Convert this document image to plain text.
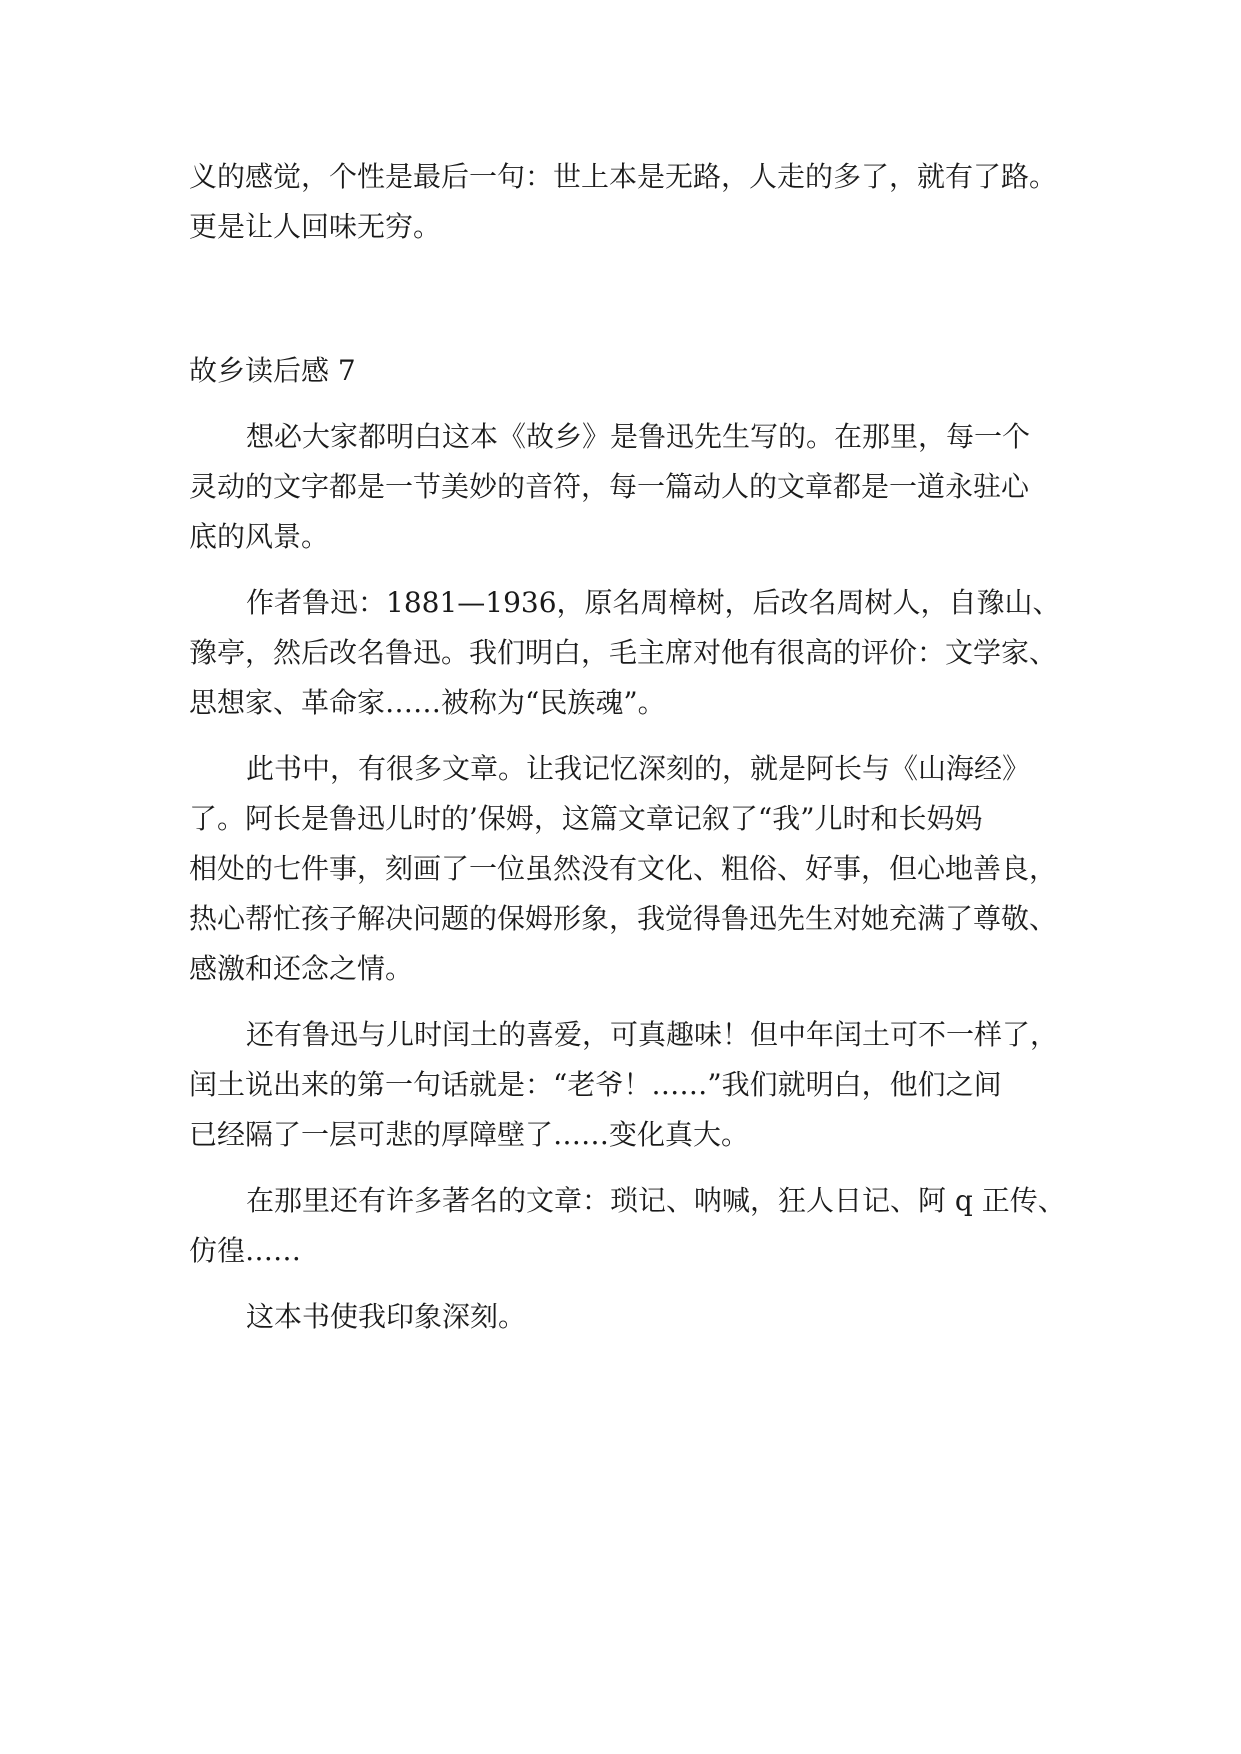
义的感觉，个性是最后一句：世上本是无路，人走的多了，就有了路。
更是让人回味无穷。
故乡读后感 7
想必大家都明白这本《故乡》是鲁迅先生写的。在那里，每一个
灵动的文字都是一节美妙的音符，每一篇动人的文章都是一道永驻心
底的风景。
作者鲁迅：1881—1936，原名周樟树，后改名周树人，自豫山、
豫亭，然后改名鲁迅。我们明白，毛主席对他有很高的评价：文学家、
思想家、革命家……被称为“民族魂”。
此书中，有很多文章。让我记忆深刻的，就是阿长与《山海经》
了。阿长是鲁迅儿时的’保姆，这篇文章记叙了“我”儿时和长妈妈
相处的七件事，刻画了一位虽然没有文化、粗俗、好事，但心地善良，
热心帮忙孩子解决问题的保姆形象，我觉得鲁迅先生对她充满了尊敬、
感激和还念之情。
还有鲁迅与儿时闰土的喜爱，可真趣味！但中年闰土可不一样了，
闰土说出来的第一句话就是：“老爷！……”我们就明白，他们之间
已经隔了一层可悲的厚障壁了……变化真大。
在那里还有许多著名的文章：琐记、呐喊，狂人日记、阿 q 正传、
仿徨……
这本书使我印象深刻。
